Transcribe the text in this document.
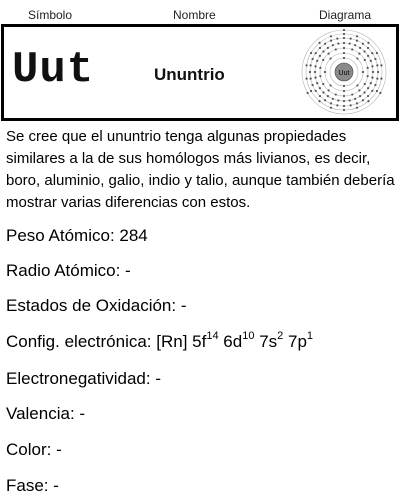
Símbolo	Nombre	Diagrama
Uut	Ununtrio	Uut
Se cree que el ununtrio tenga algunas propiedades similares a la de sus homólogos más livianos, es decir, boro, aluminio, galio, indio y talio, aunque también debería mostrar varias diferencias con estos.
Peso Atómico: 284
Radio Atómico: -
Estados de Oxidación: -
Config. electrónica: [Rn] $5f^{14}$ $6d^{10}$ $7s^2$ $7p^1$
Electronegatividad: -
Valencia: -
Color: -
Fase: -
